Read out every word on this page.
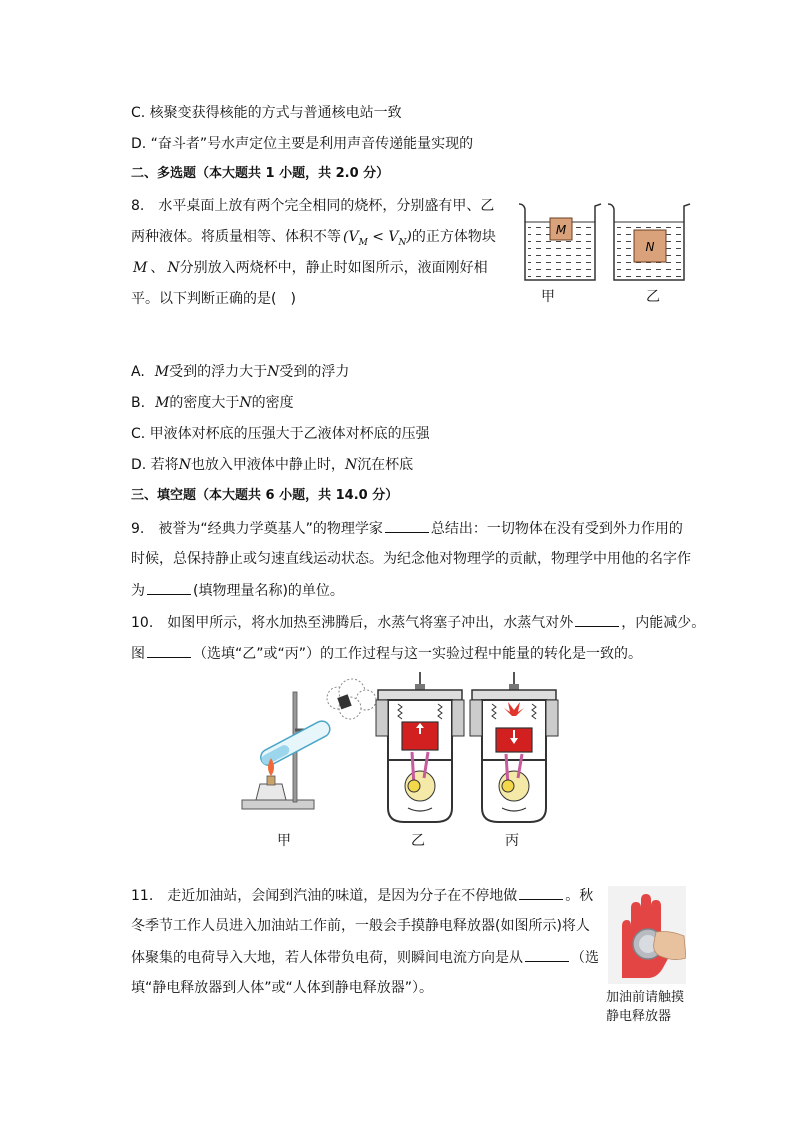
C. 核聚变获得核能的方式与普通核电站一致
D. “奋斗者”号水声定位主要是利用声音传递能量实现的
二、多选题（本大题共 1 小题，共 2.0 分）
8.　水平桌面上放有两个完全相同的烧杯，分别盛有甲、乙
两种液体。将质量相等、体积不等 $(V_M < V_N)$的正方体物块
M 、 N分别放入两烧杯中，静止时如图所示，液面刚好相
平。以下判断正确的是(　)
M
N
甲	乙
A. M受到的浮力大于N受到的浮力
B. M的密度大于N的密度
C. 甲液体对杯底的压强大于乙液体对杯底的压强
D. 若将N也放入甲液体中静止时，N沉在杯底
三、填空题（本大题共 6 小题，共 14.0 分）
9.　被誉为“经典力学奠基人”的物理学家	总结出：一切物体在没有受到外力作用的
时候，总保持静止或匀速直线运动状态。为纪念他对物理学的贡献，物理学中用他的名字作
为	(填物理量名称)的单位。
10.　如图甲所示，将水加热至沸腾后，水蒸气将塞子冲出，水蒸气对外	，内能减少。
图	（选填“乙”或“丙”）的工作过程与这一实验过程中能量的转化是一致的。
甲	乙	丙
11.　走近加油站，会闻到汽油的味道，是因为分子在不停地做	。秋
冬季节工作人员进入加油站工作前，一般会手摸静电释放器(如图所示)将人
体聚集的电荷导入大地，若人体带负电荷，则瞬间电流方向是从	（选
填“静电释放器到人体”或“人体到静电释放器”）。
加油前请触摸
静电释放器
